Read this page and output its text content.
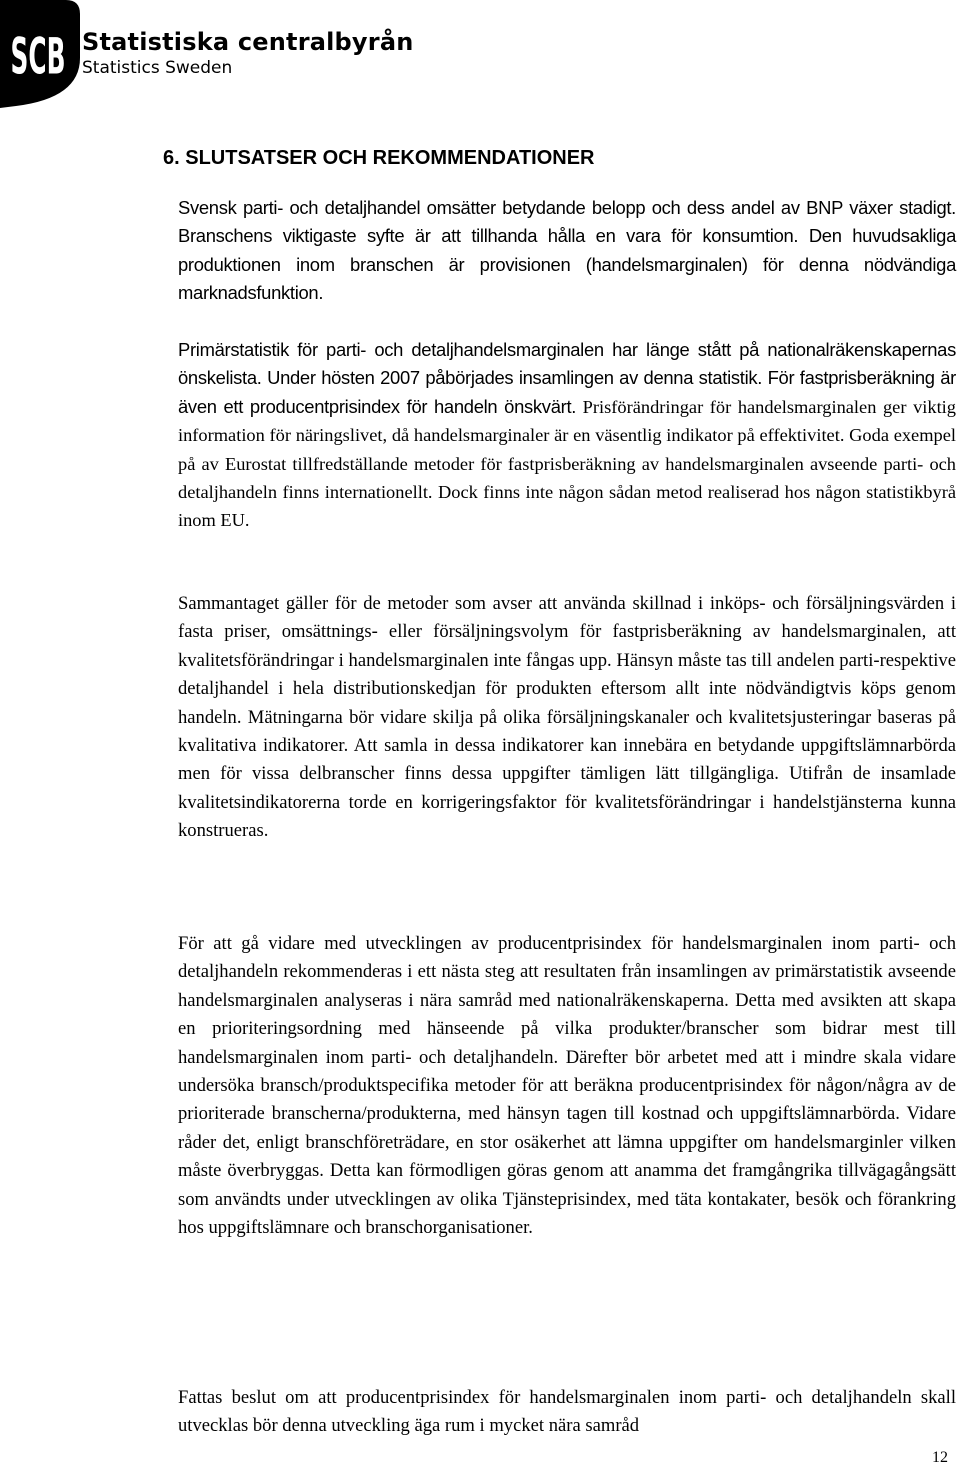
SCB Statistiska centralbyrån
Statistics Sweden
6. SLUTSATSER OCH REKOMMENDATIONER

Svensk parti- och detaljhandel omsätter betydande belopp och dess andel av BNP växer stadigt. Branschens viktigaste syfte är att tillhanda hålla en vara för konsumtion. Den huvudsakliga produktionen inom branschen är provisionen (handelsmarginalen) för denna nödvändiga marknadsfunktion.

Primärstatistik för parti- och detaljhandelsmarginalen har länge stått på nationalräkenskapernas önskelista. Under hösten 2007 påbörjades insamlingen av denna statistik. För fastprisberäkning är även ett producentprisindex för handeln önskvärt. Prisförändringar för handelsmarginalen ger viktig information för näringslivet, då handelsmarginaler är en väsentlig indikator på effektivitet. Goda exempel på av Eurostat tillfredställande metoder för fastprisberäkning av handelsmarginalen avseende parti- och detaljhandeln finns internationellt. Dock finns inte någon sådan metod realiserad hos någon statistikbyrå inom EU.

Sammantaget gäller för de metoder som avser att använda skillnad i inköps- och försäljningsvärden i fasta priser, omsättnings- eller försäljningsvolym för fastprisberäkning av handelsmarginalen, att kvalitetsförändringar i handelsmarginalen inte fångas upp. Hänsyn måste tas till andelen parti-respektive detaljhandel i hela distributionskedjan för produkten eftersom allt inte nödvändigtvis köps genom handeln. Mätningarna bör vidare skilja på olika försäljningskanaler och kvalitetsjusteringar baseras på kvalitativa indikatorer. Att samla in dessa indikatorer kan innebära en betydande uppgiftslämnarbörda men för vissa delbranscher finns dessa uppgifter tämligen lätt tillgängliga. Utifrån de insamlade kvalitetsindikatorerna torde en korrigeringsfaktor för kvalitetsförändringar i handelstjänsterna kunna konstrueras.

För att gå vidare med utvecklingen av producentprisindex för handelsmarginalen inom parti- och detaljhandeln rekommenderas i ett nästa steg att resultaten från insamlingen av primärstatistik avseende handelsmarginalen analyseras i nära samråd med nationalräkenskaperna. Detta med avsikten att skapa en prioriteringsordning med hänseende på vilka produkter/branscher som bidrar mest till handelsmarginalen inom parti- och detaljhandeln. Därefter bör arbetet med att i mindre skala vidare undersöka bransch/produktspecifika metoder för att beräkna producentprisindex för någon/några av de prioriterade branscherna/produkterna, med hänsyn tagen till kostnad och uppgiftslämnarbörda. Vidare råder det, enligt branschföreträdare, en stor osäkerhet att lämna uppgifter om handelsmarginler vilken måste överbryggas. Detta kan förmodligen göras genom att anamma det framgångrika tillvägagångsätt som användts under utvecklingen av olika Tjänsteprisindex, med täta kontakater, besök och förankring hos uppgiftslämnare och branschorganisationer.

Fattas beslut om att producentprisindex för handelsmarginalen inom parti- och detaljhandeln skall utvecklas bör denna utveckling äga rum i mycket nära samråd

12
